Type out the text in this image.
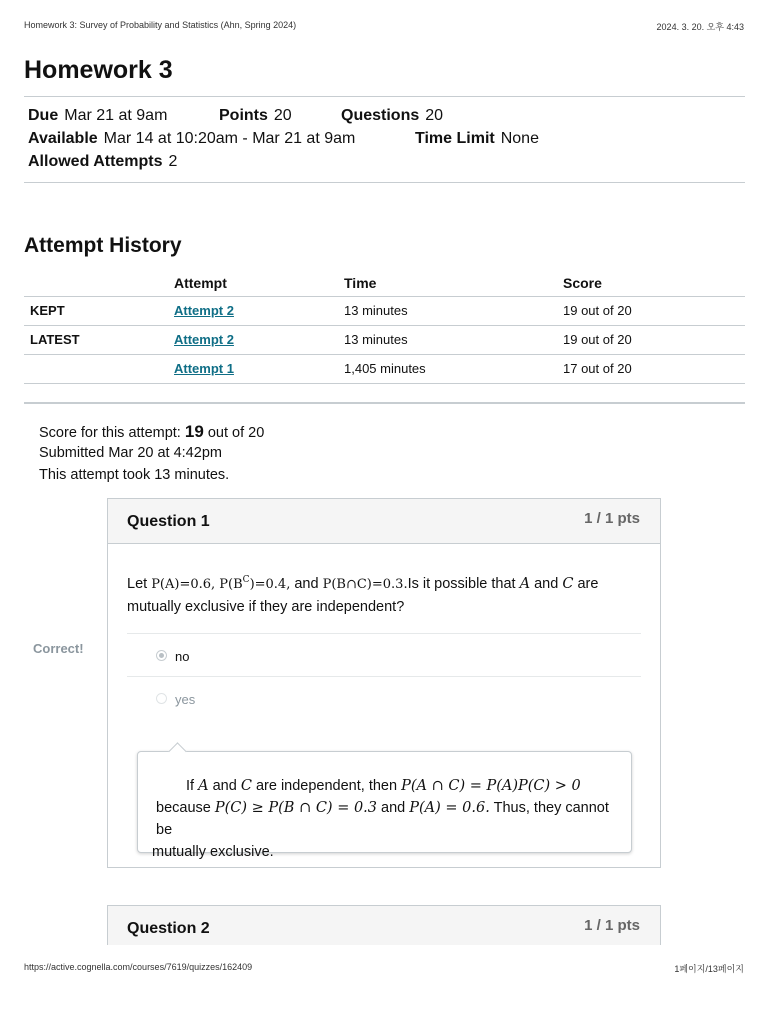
Homework 3: Survey of Probability and Statistics (Ahn, Spring 2024)	2024. 3. 20. 오후 4:43
Homework 3
Due Mar 21 at 9am	Points 20	Questions 20
Available Mar 14 at 10:20am - Mar 21 at 9am	Time Limit None
Allowed Attempts 2
Attempt History
	Attempt	Time	Score
KEPT	Attempt 2	13 minutes	19 out of 20
LATEST	Attempt 2	13 minutes	19 out of 20
	Attempt 1	1,405 minutes	17 out of 20
Score for this attempt: 19 out of 20
Submitted Mar 20 at 4:42pm
This attempt took 13 minutes.
Correct!
Question 1	1 / 1 pts
Let P(A)=0.6, $P(B^C)=0.4$, and P(B∩C)=0.3.Is it possible that A and C are
mutually exclusive if they are independent?
no
yes
If A and C are independent, then P(A ∩ C) = P(A)P(C) > 0
because P(C) ≥ P(B ∩ C) = 0.3 and P(A) = 0.6. Thus, they cannot be
mutually exclusive.
Question 2	1 / 1 pts
https://active.cognella.com/courses/7619/quizzes/162409	1페이지/13페이지
